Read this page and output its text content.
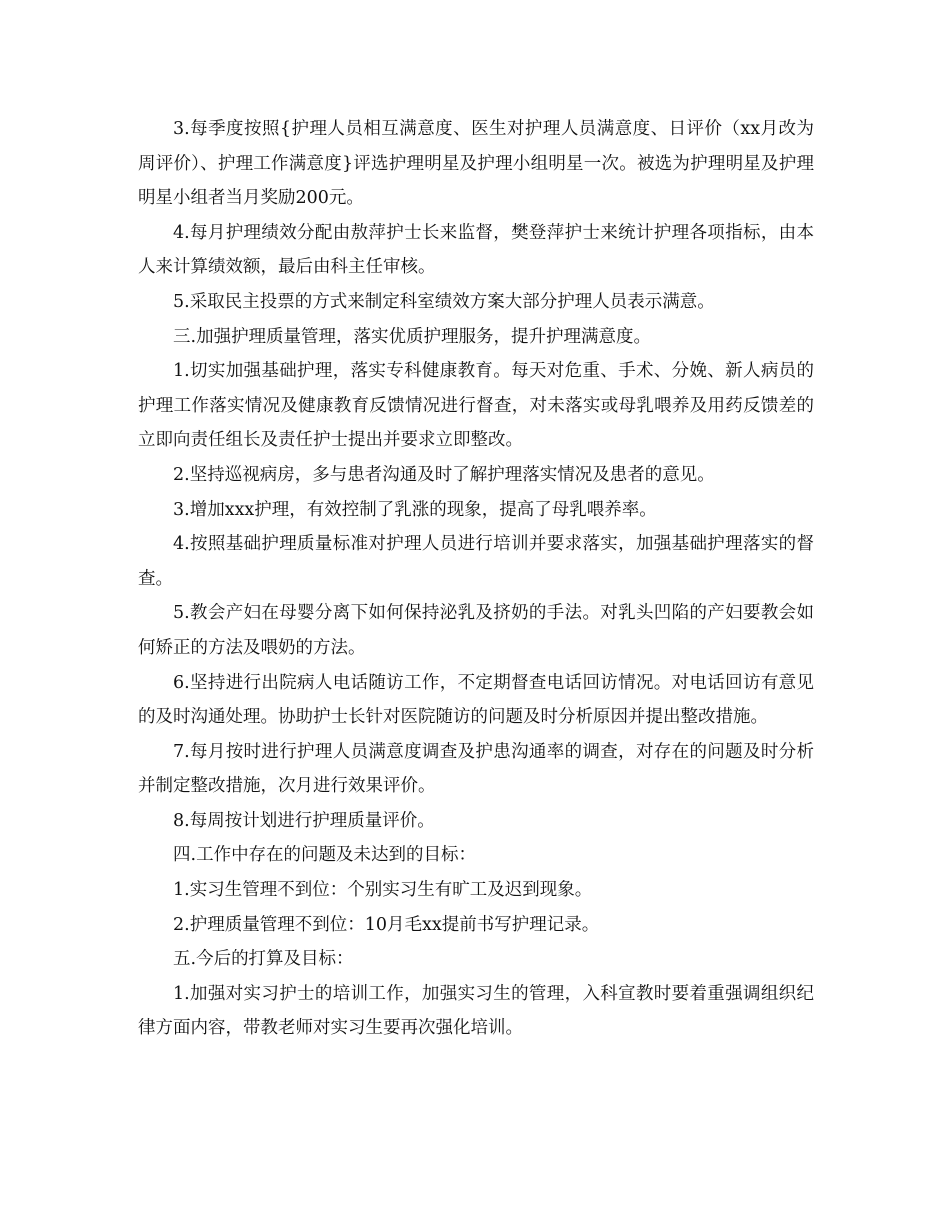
3.每季度按照{护理人员相互满意度、医生对护理人员满意度、日评价（xx月改为周评价）、护理工作满意度}评选护理明星及护理小组明星一次。被选为护理明星及护理明星小组者当月奖励200元。

4.每月护理绩效分配由敖萍护士长来监督，樊登萍护士来统计护理各项指标，由本人来计算绩效额，最后由科主任审核。

5.采取民主投票的方式来制定科室绩效方案大部分护理人员表示满意。

三.加强护理质量管理，落实优质护理服务，提升护理满意度。

1.切实加强基础护理，落实专科健康教育。每天对危重、手术、分娩、新人病员的护理工作落实情况及健康教育反馈情况进行督查，对未落实或母乳喂养及用药反馈差的立即向责任组长及责任护士提出并要求立即整改。

2.坚持巡视病房，多与患者沟通及时了解护理落实情况及患者的意见。

3.增加xxx护理，有效控制了乳涨的现象，提高了母乳喂养率。

4.按照基础护理质量标准对护理人员进行培训并要求落实，加强基础护理落实的督查。

5.教会产妇在母婴分离下如何保持泌乳及挤奶的手法。对乳头凹陷的产妇要教会如何矫正的方法及喂奶的方法。

6.坚持进行出院病人电话随访工作，不定期督查电话回访情况。对电话回访有意见的及时沟通处理。协助护士长针对医院随访的问题及时分析原因并提出整改措施。

7.每月按时进行护理人员满意度调查及护患沟通率的调查，对存在的问题及时分析并制定整改措施，次月进行效果评价。

8.每周按计划进行护理质量评价。

四.工作中存在的问题及未达到的目标：

1.实习生管理不到位：个别实习生有旷工及迟到现象。

2.护理质量管理不到位：10月毛xx提前书写护理记录。

五.今后的打算及目标：

1.加强对实习护士的培训工作，加强实习生的管理，入科宣教时要着重强调组织纪律方面内容，带教老师对实习生要再次强化培训。
